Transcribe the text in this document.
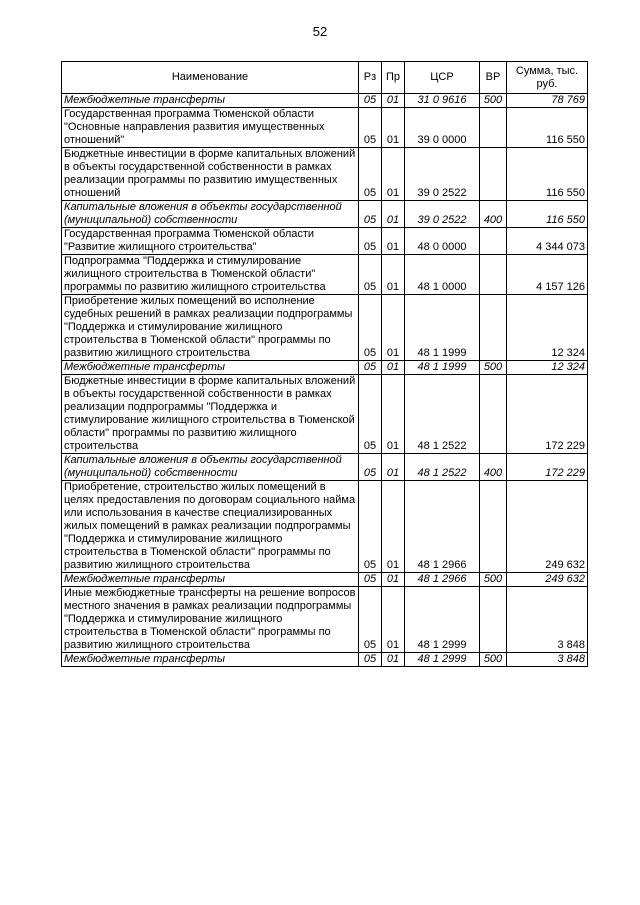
52
Наименование	Рз	Пр	ЦСР	ВР	Сумма, тыс. руб.
Межбюджетные трансферты	05	01	31 0 9616	500	78 769
Государственная программа Тюменской области "Основные направления развития имущественных отношений"	05	01	39 0 0000		116 550
Бюджетные инвестиции в форме капитальных вложений в объекты государственной собственности в рамках реализации программы по развитию имущественных отношений	05	01	39 0 2522		116 550
Капитальные вложения в объекты государственной (муниципальной) собственности	05	01	39 0 2522	400	116 550
Государственная программа Тюменской области "Развитие жилищного строительства"	05	01	48 0 0000		4 344 073
Подпрограмма "Поддержка и стимулирование жилищного строительства в Тюменской области" программы по развитию жилищного строительства	05	01	48 1 0000		4 157 126
Приобретение жилых помещений во исполнение судебных решений в рамках реализации подпрограммы "Поддержка и стимулирование жилищного строительства в Тюменской области" программы по развитию жилищного строительства	05	01	48 1 1999		12 324
Межбюджетные трансферты	05	01	48 1 1999	500	12 324
Бюджетные инвестиции в форме капитальных вложений в объекты государственной собственности в рамках реализации подпрограммы "Поддержка и стимулирование жилищного строительства в Тюменской области" программы по развитию жилищного строительства	05	01	48 1 2522		172 229
Капитальные вложения в объекты государственной (муниципальной) собственности	05	01	48 1 2522	400	172 229
Приобретение, строительство жилых помещений в целях предоставления по договорам социального найма или использования в качестве специализированных жилых помещений в рамках реализации подпрограммы "Поддержка и стимулирование жилищного строительства в Тюменской области" программы по развитию жилищного строительства	05	01	48 1 2966		249 632
Межбюджетные трансферты	05	01	48 1 2966	500	249 632
Иные межбюджетные трансферты на решение вопросов местного значения в рамках реализации подпрограммы "Поддержка и стимулирование жилищного строительства в Тюменской области" программы по развитию жилищного строительства	05	01	48 1 2999		3 848
Межбюджетные трансферты	05	01	48 1 2999	500	3 848
